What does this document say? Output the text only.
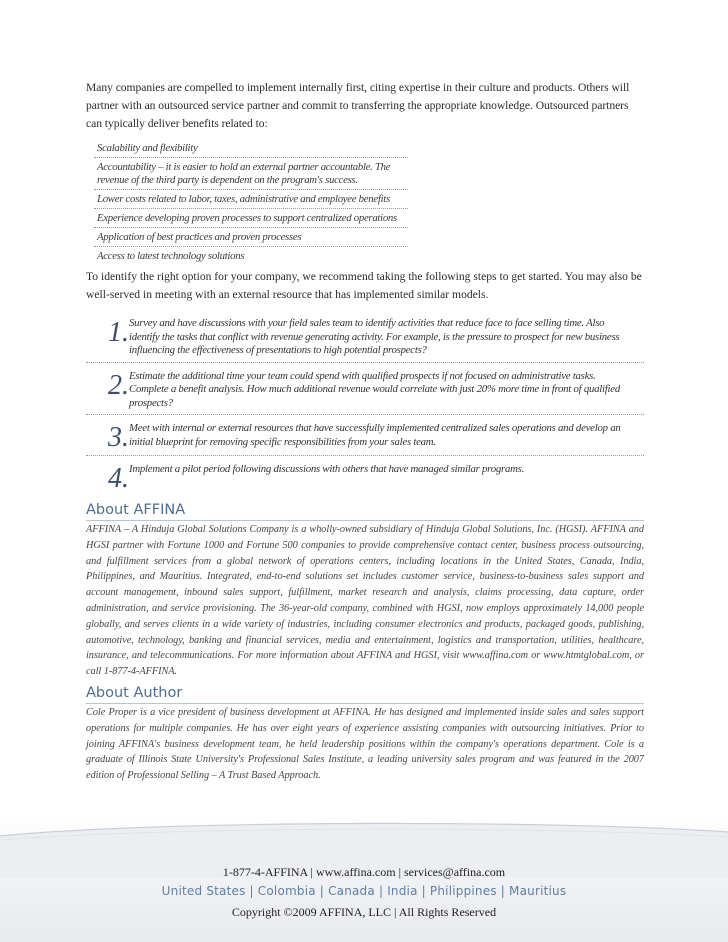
Many companies are compelled to implement internally first, citing expertise in their culture and products. Others will partner with an outsourced service partner and commit to transferring the appropriate knowledge. Outsourced partners can typically deliver benefits related to:

Scalability and flexibility
Accountability – it is easier to hold an external partner accountable. The revenue of the third party is dependent on the program's success.
Lower costs related to labor, taxes, administrative and employee benefits
Experience developing proven processes to support centralized operations
Application of best practices and proven processes
Access to latest technology solutions

To identify the right option for your company, we recommend taking the following steps to get started. You may also be well-served in meeting with an external resource that has implemented similar models.

1. Survey and have discussions with your field sales team to identify activities that reduce face to face selling time. Also identify the tasks that conflict with revenue generating activity. For example, is the pressure to prospect for new business influencing the effectiveness of presentations to high potential prospects?
2. Estimate the additional time your team could spend with qualified prospects if not focused on administrative tasks. Complete a benefit analysis. How much additional revenue would correlate with just 20% more time in front of qualified prospects?
3. Meet with internal or external resources that have successfully implemented centralized sales operations and develop an initial blueprint for removing specific responsibilities from your sales team.
4. Implement a pilot period following discussions with others that have managed similar programs.
About AFFINA

AFFINA – A Hinduja Global Solutions Company is a wholly-owned subsidiary of Hinduja Global Solutions, Inc. (HGSI). AFFINA and HGSI partner with Fortune 1000 and Fortune 500 companies to provide comprehensive contact center, business process outsourcing, and fulfillment services from a global network of operations centers, including locations in the United States, Canada, India, Philippines, and Mauritius. Integrated, end-to-end solutions set includes customer service, business-to-business sales support and account management, inbound sales support, fulfillment, market research and analysis, claims processing, data capture, order administration, and service provisioning. The 36-year-old company, combined with HGSI, now employs approximately 14,000 people globally, and serves clients in a wide variety of industries, including consumer electronics and products, packaged goods, publishing, automotive, technology, banking and financial services, media and entertainment, logistics and transportation, utilities, healthcare, insurance, and telecommunications. For more information about AFFINA and HGSI, visit www.affina.com or www.htmtglobal.com, or call 1-877-4-AFFINA.

About Author

Cole Proper is a vice president of business development at AFFINA. He has designed and implemented inside sales and sales support operations for multiple companies. He has over eight years of experience assisting companies with outsourcing initiatives. Prior to joining AFFINA's business development team, he held leadership positions within the company's operations department. Cole is a graduate of Illinois State University's Professional Sales Institute, a leading university sales program and was featured in the 2007 edition of Professional Selling – A Trust Based Approach.

1-877-4-AFFINA | www.affina.com | services@affina.com
United States | Colombia | Canada | India | Philippines | Mauritius
Copyright ©2009 AFFINA, LLC | All Rights Reserved
